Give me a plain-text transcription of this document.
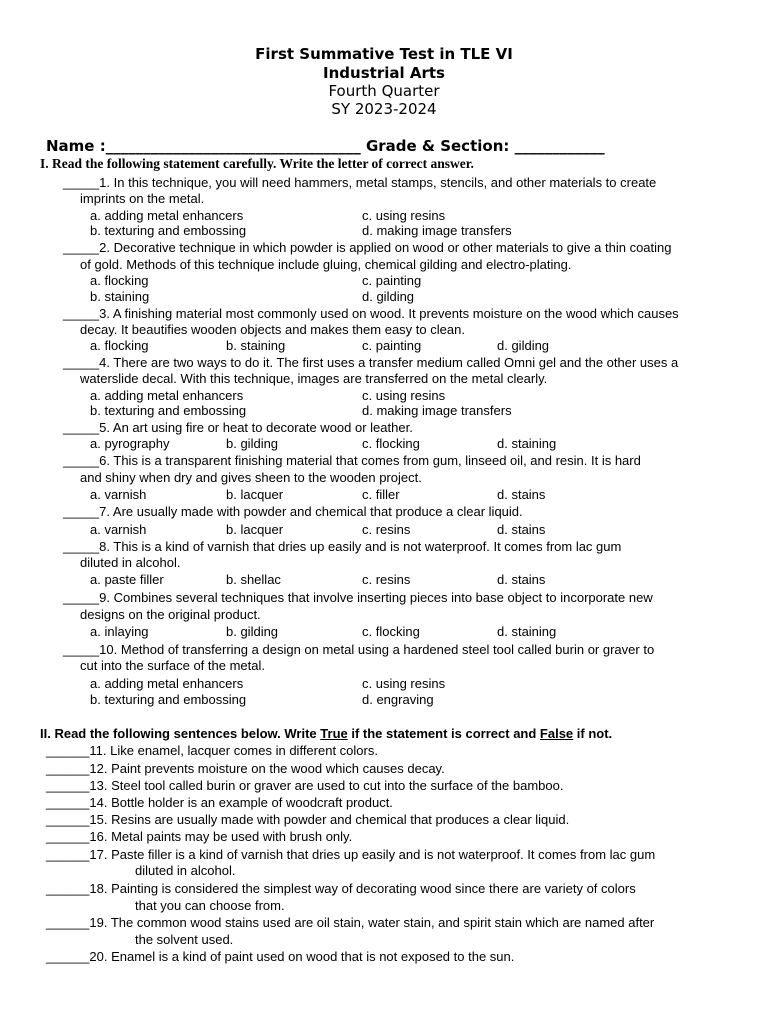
First Summative Test in TLE VI
Industrial Arts
Fourth Quarter
SY 2023-2024
Name :__________________________________ Grade & Section: ____________
I. Read the following statement carefully. Write the letter of correct answer.
_____1. In this technique, you will need hammers, metal stamps, stencils, and other materials to create
imprints on the metal.
a. adding metal enhancers	c. using resins
b. texturing and embossing	d. making image transfers
_____2. Decorative technique in which powder is applied on wood or other materials to give a thin coating
of gold. Methods of this technique include gluing, chemical gilding and electro-plating.
a. flocking	c. painting
b. staining	d. gilding
_____3. A finishing material most commonly used on wood. It prevents moisture on the wood which causes
decay. It beautifies wooden objects and makes them easy to clean.
a. flocking	b. staining	c. painting	d. gilding
_____4. There are two ways to do it. The first uses a transfer medium called Omni gel and the other uses a
waterslide decal. With this technique, images are transferred on the metal clearly.
a. adding metal enhancers	c. using resins
b. texturing and embossing	d. making image transfers
_____5. An art using fire or heat to decorate wood or leather.
a. pyrography	b. gilding	c. flocking	d. staining
_____6. This is a transparent finishing material that comes from gum, linseed oil, and resin. It is hard
and shiny when dry and gives sheen to the wooden project.
a. varnish	b. lacquer	c. filler	d. stains
_____7. Are usually made with powder and chemical that produce a clear liquid.
a. varnish	b. lacquer	c. resins	d. stains
_____8. This is a kind of varnish that dries up easily and is not waterproof. It comes from lac gum
diluted in alcohol.
a. paste filler	b. shellac	c. resins	d. stains
_____9. Combines several techniques that involve inserting pieces into base object to incorporate new
designs on the original product.
a. inlaying	b. gilding	c. flocking	d. staining
_____10. Method of transferring a design on metal using a hardened steel tool called burin or graver to
cut into the surface of the metal.
a. adding metal enhancers	c. using resins
b. texturing and embossing	d. engraving
II. Read the following sentences below. Write True if the statement is correct and False if not.
______11. Like enamel, lacquer comes in different colors.
______12. Paint prevents moisture on the wood which causes decay.
______13. Steel tool called burin or graver are used to cut into the surface of the bamboo.
______14. Bottle holder is an example of woodcraft product.
______15. Resins are usually made with powder and chemical that produces a clear liquid.
______16. Metal paints may be used with brush only.
______17. Paste filler is a kind of varnish that dries up easily and is not waterproof. It comes from lac gum
diluted in alcohol.
______18. Painting is considered the simplest way of decorating wood since there are variety of colors
that you can choose from.
______19. The common wood stains used are oil stain, water stain, and spirit stain which are named after
the solvent used.
______20. Enamel is a kind of paint used on wood that is not exposed to the sun.
